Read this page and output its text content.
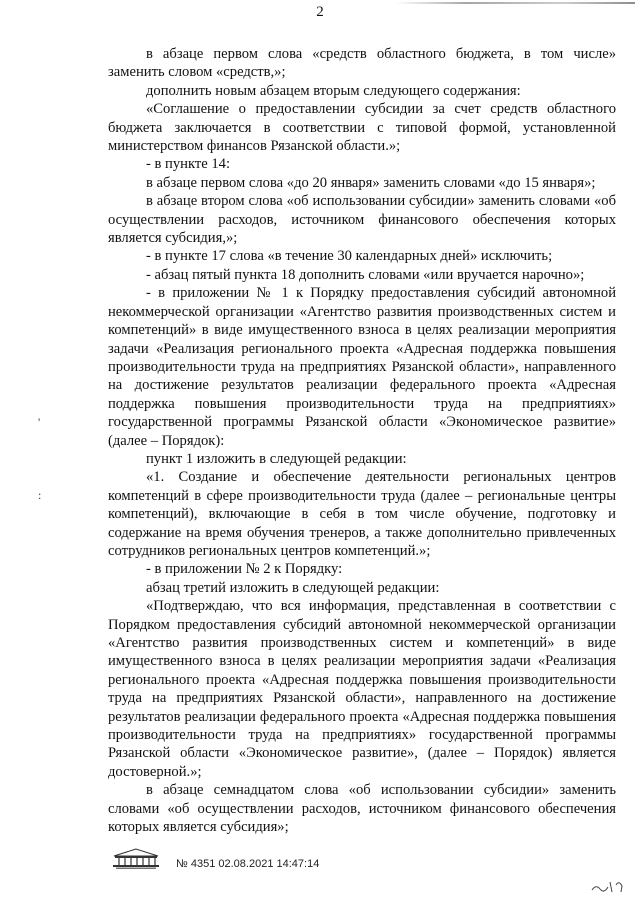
2
'
:

в абзаце первом слова «средств областного бюджета, в том числе» заменить словом «средств,»;

дополнить новым абзацем вторым следующего содержания:

«Соглашение о предоставлении субсидии за счет средств областного бюджета заключается в соответствии с типовой формой, установленной министерством финансов Рязанской области.»;

- в пункте 14:

в абзаце первом слова «до 20 января» заменить словами «до 15 января»;

в абзаце втором слова «об использовании субсидии» заменить словами «об осуществлении расходов, источником финансового обеспечения которых является субсидия,»;

- в пункте 17 слова «в течение 30 календарных дней» исключить;

- абзац пятый пункта 18 дополнить словами «или вручается нарочно»;

- в приложении № 1 к Порядку предоставления субсидий автономной некоммерческой организации «Агентство развития производственных систем и компетенций» в виде имущественного взноса в целях реализации мероприятия задачи «Реализация регионального проекта «Адресная поддержка повышения производительности труда на предприятиях Рязанской области», направленного на достижение результатов реализации федерального проекта «Адресная поддержка повышения производительности труда на предприятиях» государственной программы Рязанской области «Экономическое развитие» (далее – Порядок):

пункт 1 изложить в следующей редакции:

«1. Создание и обеспечение деятельности региональных центров компетенций в сфере производительности труда (далее – региональные центры компетенций), включающие в себя в том числе обучение, подготовку и содержание на время обучения тренеров, а также дополнительно привлеченных сотрудников региональных центров компетенций.»;

- в приложении № 2 к Порядку:

абзац третий изложить в следующей редакции:

«Подтверждаю, что вся информация, представленная в соответствии с Порядком предоставления субсидий автономной некоммерческой организации «Агентство развития производственных систем и компетенций» в виде имущественного взноса в целях реализации мероприятия задачи «Реализация регионального проекта «Адресная поддержка повышения производительности труда на предприятиях Рязанской области», направленного на достижение результатов реализации федерального проекта «Адресная поддержка повышения производительности труда на предприятиях» государственной программы Рязанской области «Экономическое развитие», (далее – Порядок) является достоверной.»;

в абзаце семнадцатом слова «об использовании субсидии» заменить словами «об осуществлении расходов, источником финансового обеспечения которых является субсидия»;

№ 4351 02.08.2021 14:47:14
